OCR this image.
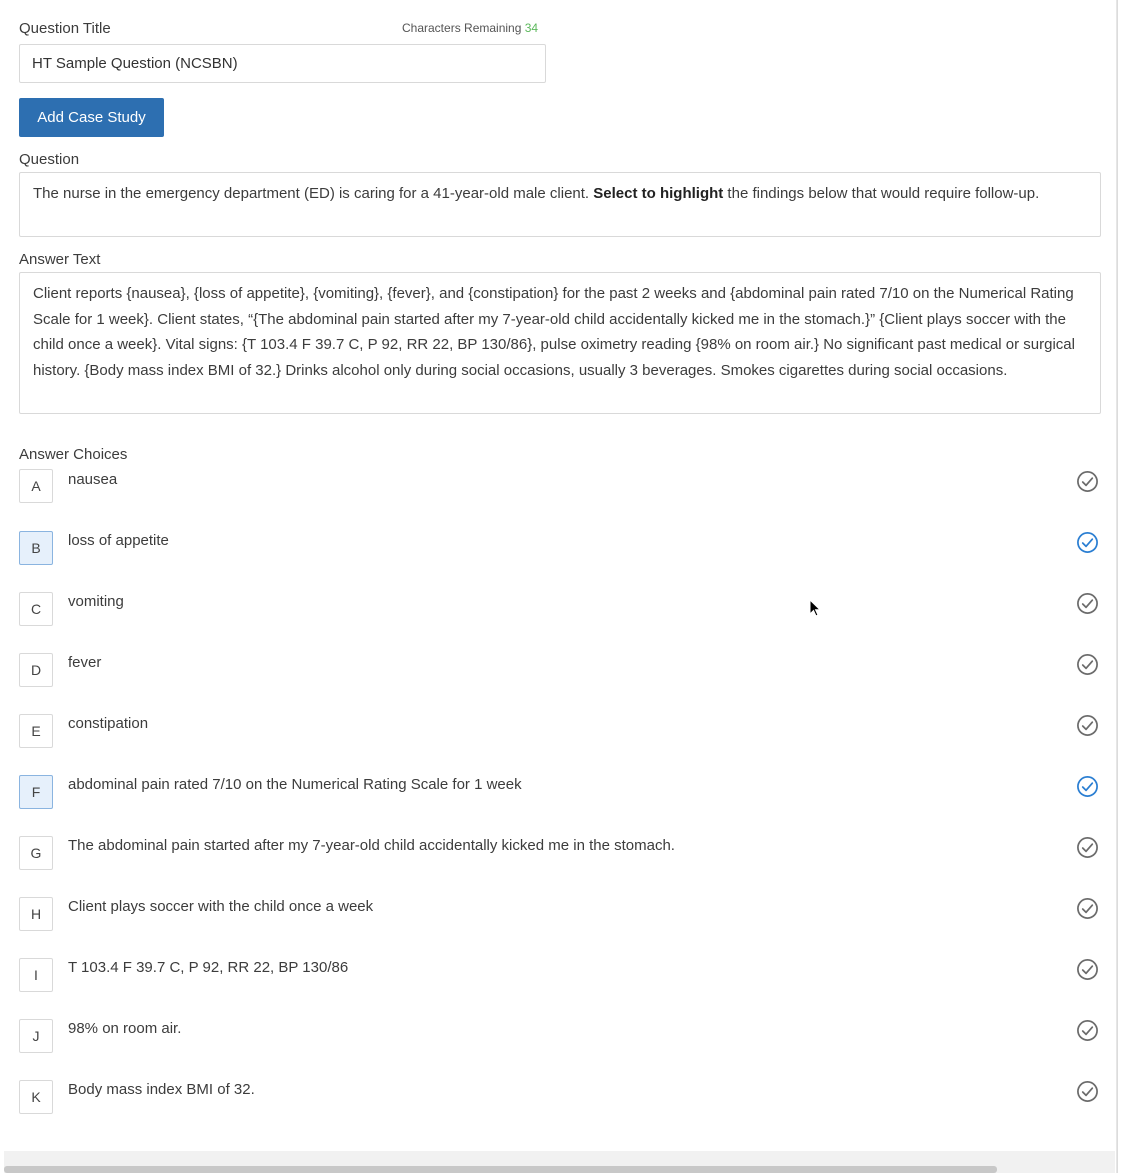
Question Title	Characters Remaining 34
HT Sample Question (NCSBN)
Add Case Study
Question
The nurse in the emergency department (ED) is caring for a 41-year-old male client. Select to highlight the findings below that would require follow-up.
Answer Text
Client reports {nausea}, {loss of appetite}, {vomiting}, {fever}, and {constipation} for the past 2 weeks and {abdominal pain rated 7/10 on the Numerical Rating Scale for 1 week}. Client states, “{The abdominal pain started after my 7-year-old child accidentally kicked me in the stomach.}” {Client plays soccer with the child once a week}. Vital signs: {T 103.4 F 39.7 C, P 92, RR 22, BP 130/86}, pulse oximetry reading {98% on room air.} No significant past medical or surgical history. {Body mass index BMI of 32.} Drinks alcohol only during social occasions, usually 3 beverages. Smokes cigarettes during social occasions.
Answer Choices
A	nausea
B	loss of appetite
C	vomiting
D	fever
E	constipation
F	abdominal pain rated 7/10 on the Numerical Rating Scale for 1 week
G	The abdominal pain started after my 7-year-old child accidentally kicked me in the stomach.
H	Client plays soccer with the child once a week
I	T 103.4 F 39.7 C, P 92, RR 22, BP 130/86
J	98% on room air.
K	Body mass index BMI of 32.
